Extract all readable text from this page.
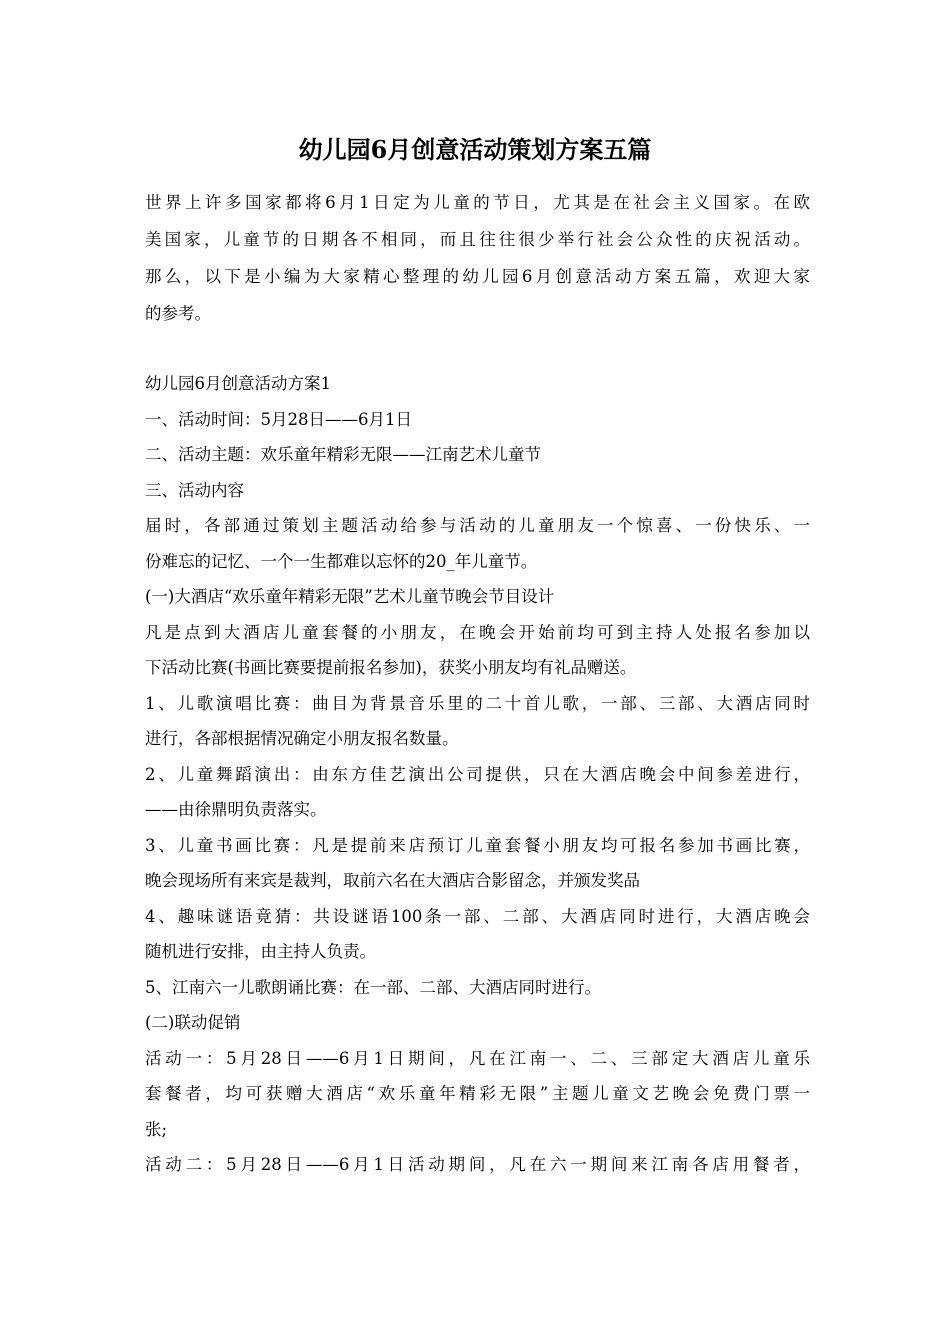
幼儿园6月创意活动策划方案五篇
世界上许多国家都将6月1日定为儿童的节日，尤其是在社会主义国家。在欧
美国家，儿童节的日期各不相同，而且往往很少举行社会公众性的庆祝活动。
那么，以下是小编为大家精心整理的幼儿园6月创意活动方案五篇，欢迎大家
的参考。
幼儿园6月创意活动方案1
一、活动时间：5月28日——6月1日
二、活动主题：欢乐童年精彩无限——江南艺术儿童节
三、活动内容
届时，各部通过策划主题活动给参与活动的儿童朋友一个惊喜、一份快乐、一
份难忘的记忆、一个一生都难以忘怀的20_年儿童节。
(一)大酒店“欢乐童年精彩无限”艺术儿童节晚会节目设计
凡是点到大酒店儿童套餐的小朋友，在晚会开始前均可到主持人处报名参加以
下活动比赛(书画比赛要提前报名参加)，获奖小朋友均有礼品赠送。
1、儿歌演唱比赛：曲目为背景音乐里的二十首儿歌，一部、三部、大酒店同时
进行，各部根据情况确定小朋友报名数量。
2、儿童舞蹈演出：由东方佳艺演出公司提供，只在大酒店晚会中间参差进行，
——由徐鼎明负责落实。
3、儿童书画比赛：凡是提前来店预订儿童套餐小朋友均可报名参加书画比赛，
晚会现场所有来宾是裁判，取前六名在大酒店合影留念，并颁发奖品
4、趣味谜语竟猜：共设谜语100条一部、二部、大酒店同时进行，大酒店晚会
随机进行安排，由主持人负责。
5、江南六一儿歌朗诵比赛：在一部、二部、大酒店同时进行。
(二)联动促销
活动一：5月28日——6月1日期间，凡在江南一、二、三部定大酒店儿童乐
套餐者，均可获赠大酒店“欢乐童年精彩无限”主题儿童文艺晚会免费门票一
张;
活动二：5月28日——6月1日活动期间，凡在六一期间来江南各店用餐者，
